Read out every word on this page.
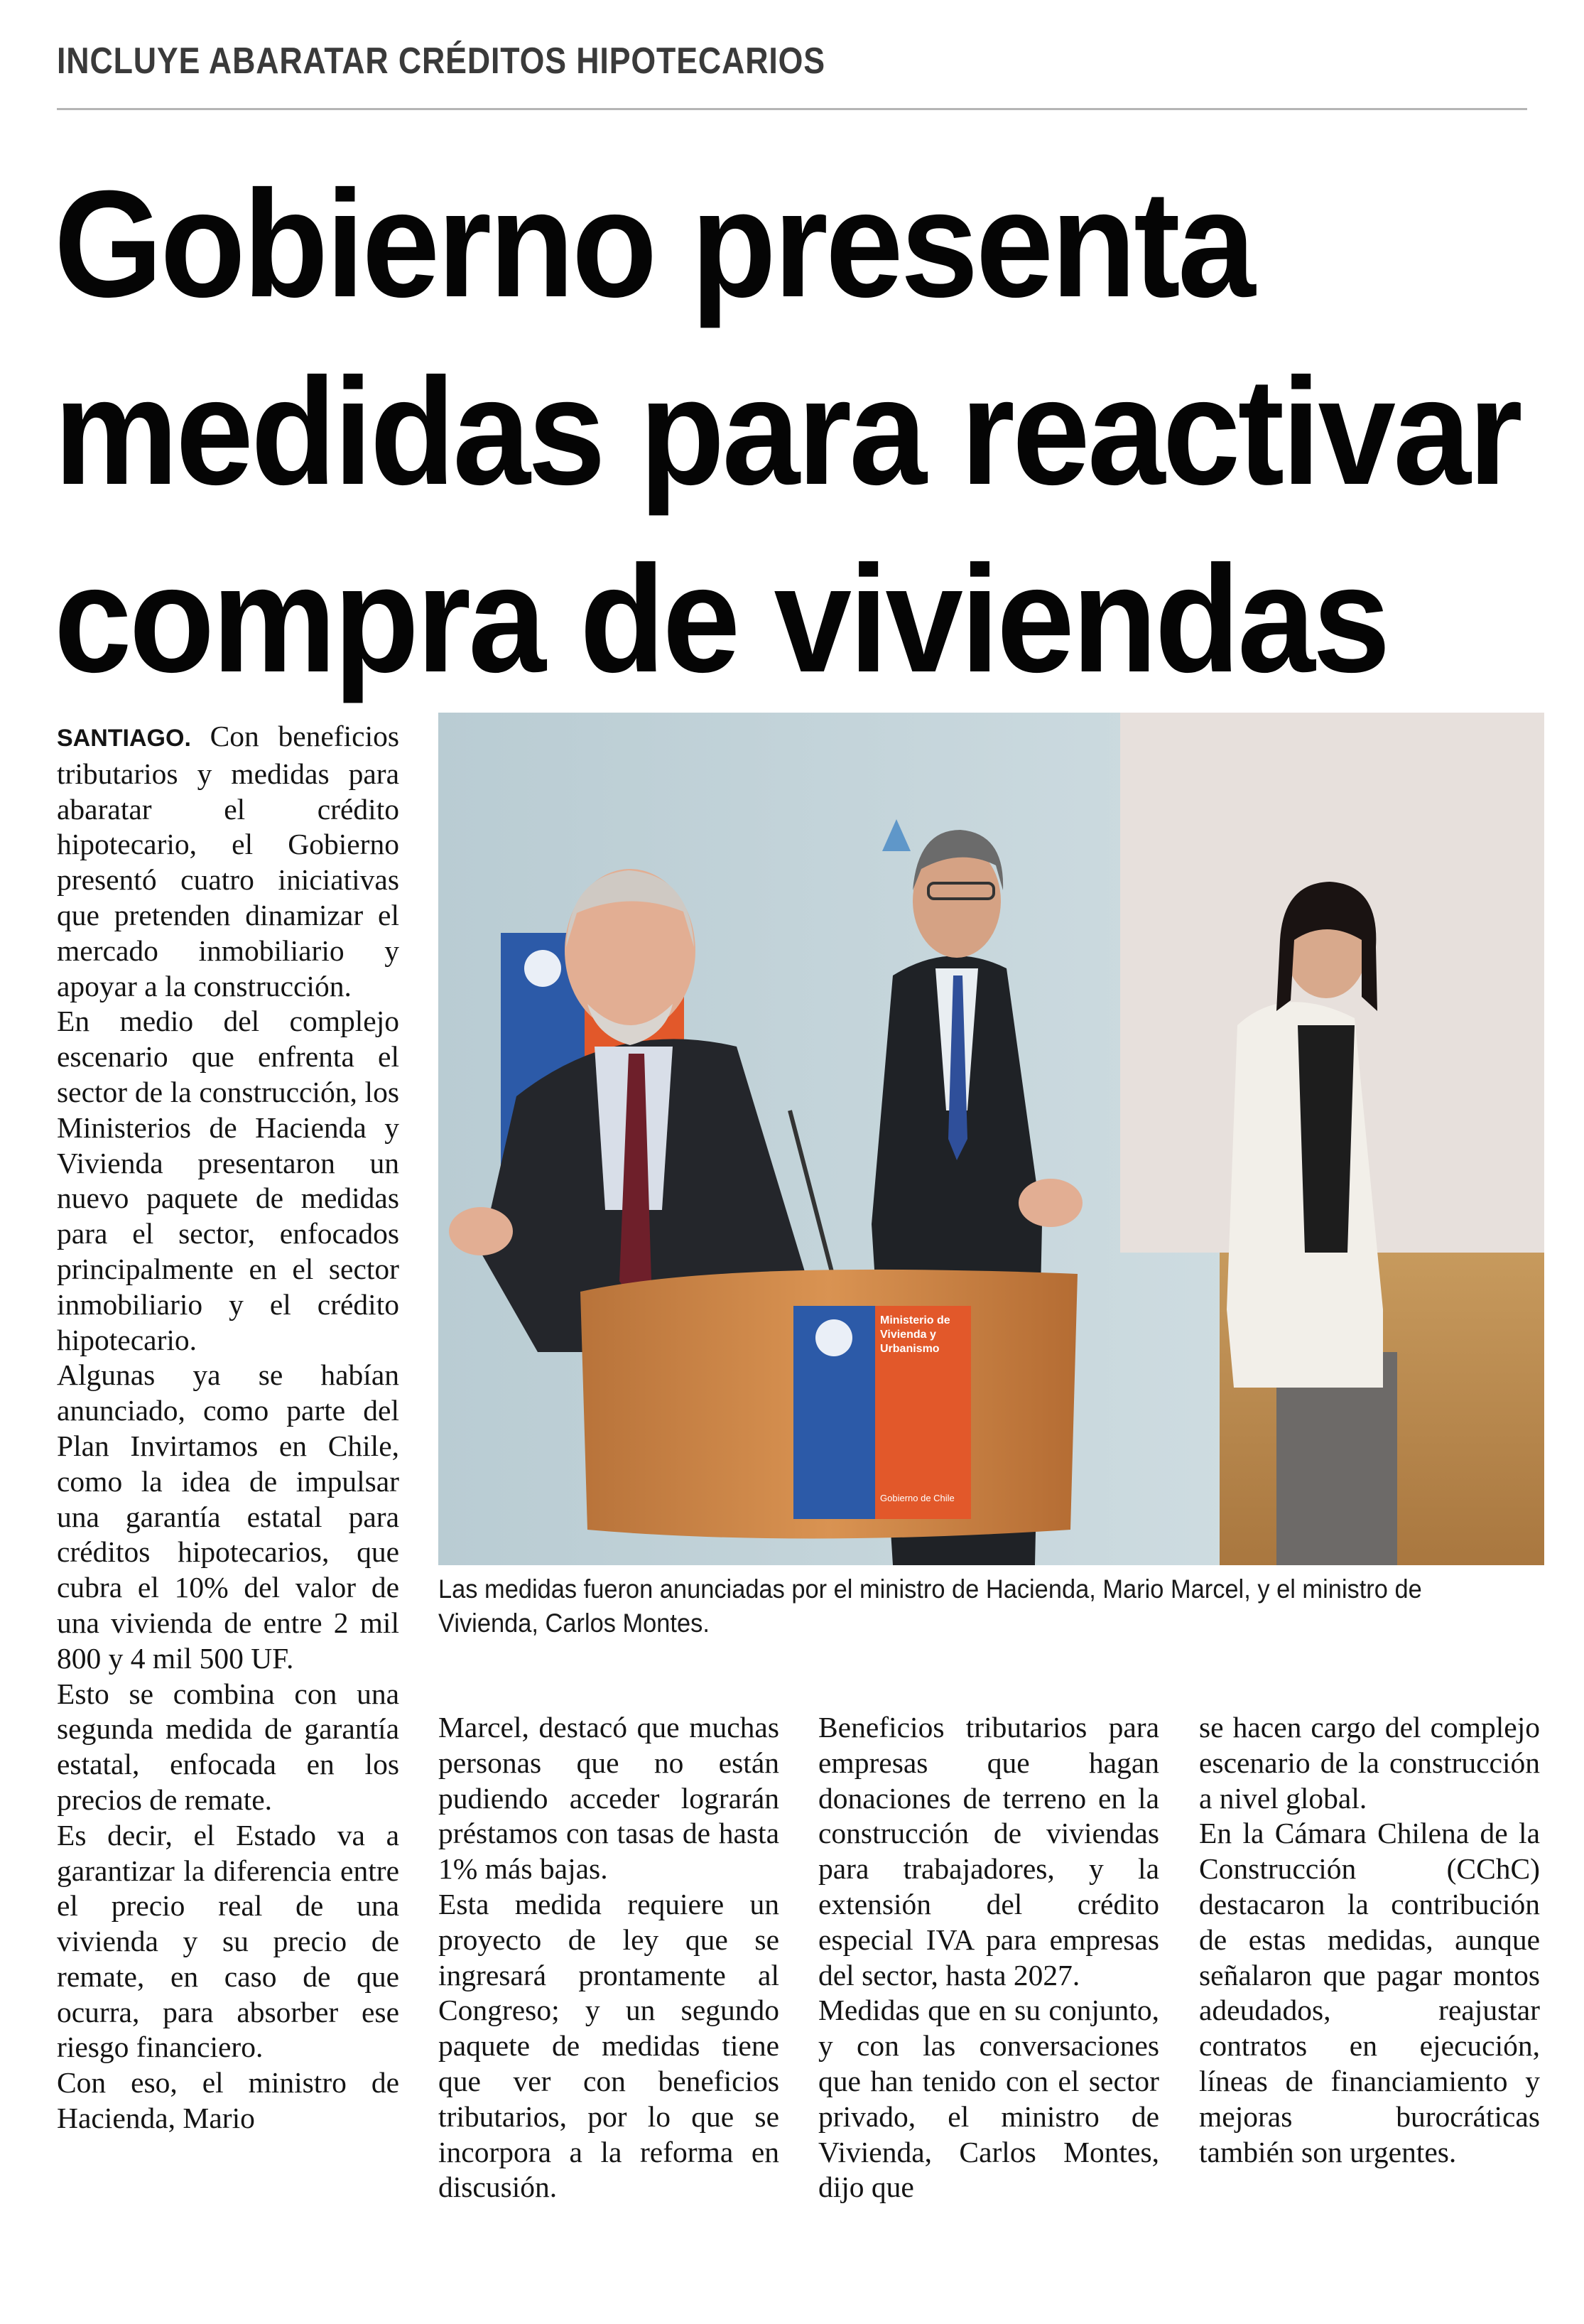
INCLUYE ABARATAR CRÉDITOS HIPOTECARIOS
Gobierno presenta
medidas para reactivar
compra de viviendas

SANTIAGO. Con beneficios tributarios y medidas para abaratar el crédito hipotecario, el Gobierno presentó cuatro iniciativas que pretenden dinamizar el mercado inmobiliario y apoyar a la construcción.

En medio del complejo escenario que enfrenta el sector de la construcción, los Ministerios de Hacienda y Vivienda presentaron un nuevo paquete de medidas para el sector, enfocados principalmente en el sector inmobiliario y el crédito hipotecario.

Algunas ya se habían anunciado, como parte del Plan Invirtamos en Chile, como la idea de impulsar una garantía estatal para créditos hipotecarios, que cubra el 10% del valor de una vivienda de entre 2 mil 800 y 4 mil 500 UF.

Esto se combina con una segunda medida de garantía estatal, enfocada en los precios de remate.

Es decir, el Estado va a garantizar la diferencia entre el precio real de una vivienda y su precio de remate, en caso de que ocurra, para absorber ese riesgo financiero.

Con eso, el ministro de Hacienda, Mario

Ministerio de Vivienda y Urbanismo
Gobierno de Chile
Las medidas fueron anunciadas por el ministro de Hacienda, Mario Marcel, y el ministro de Vivienda, Carlos Montes.

Marcel, destacó que muchas personas que no están pudiendo acceder lograrán préstamos con tasas de hasta 1% más bajas.

Esta medida requiere un proyecto de ley que se ingresará prontamente al Congreso; y un segundo paquete de medidas tiene que ver con beneficios tributarios, por lo que se incorpora a la reforma en discusión.

Beneficios tributarios para empresas que hagan donaciones de terreno en la construcción de viviendas para trabajadores, y la extensión del crédito especial IVA para empresas del sector, hasta 2027.

Medidas que en su conjunto, y con las conversaciones que han tenido con el sector privado, el ministro de Vivienda, Carlos Montes, dijo que

se hacen cargo del complejo escenario de la construcción a nivel global.

En la Cámara Chilena de la Construcción (CChC) destacaron la contribución de estas medidas, aunque señalaron que pagar montos adeudados, reajustar contratos en ejecución, líneas de financiamiento y mejoras burocráticas también son urgentes.
